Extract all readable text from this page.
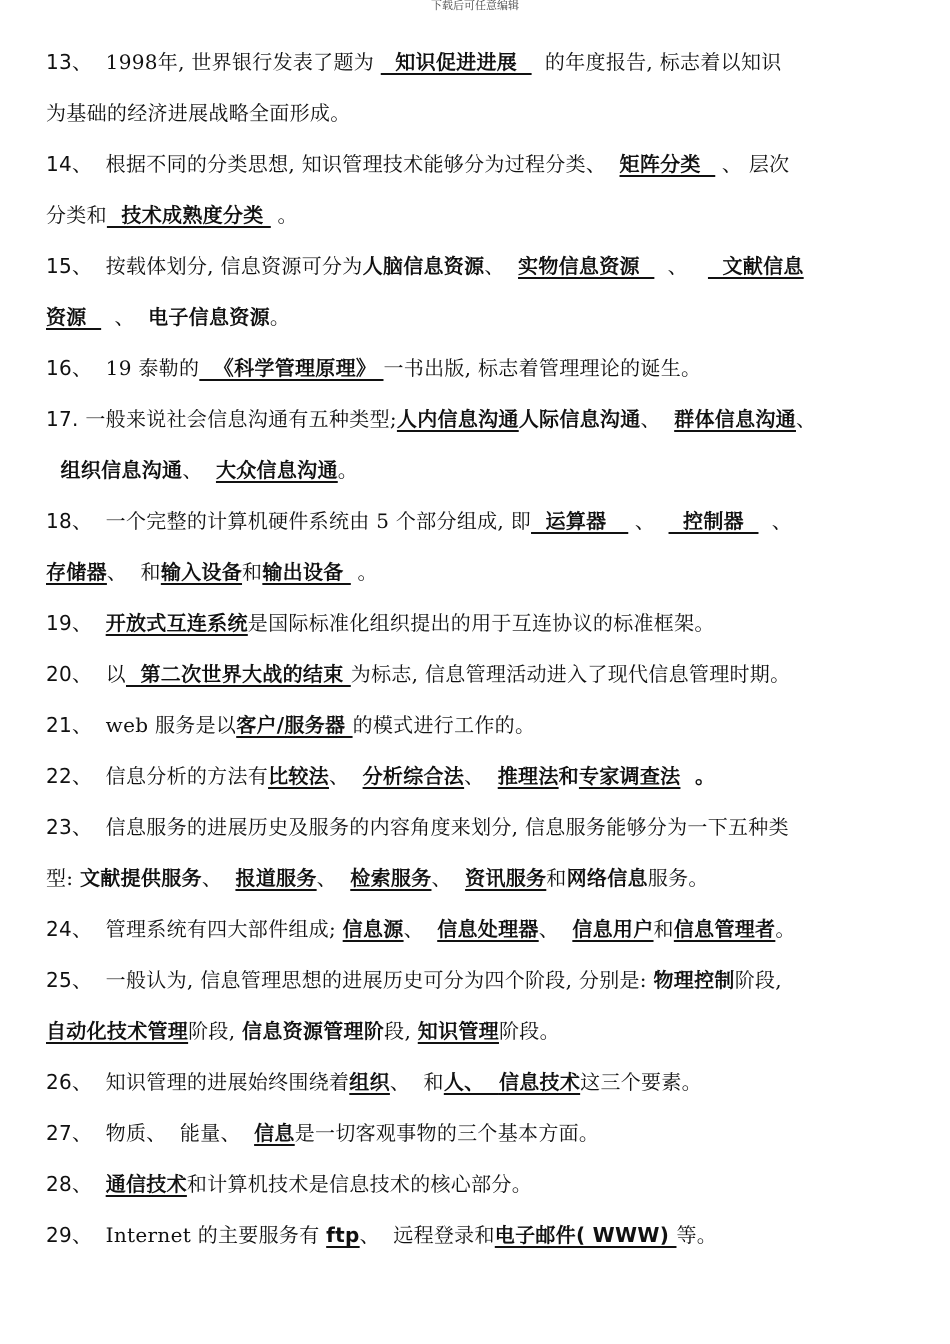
下载后可任意编辑
13、  1998年, 世界银行发表了题为   知识促进进展    的年度报告, 标志着以知识
为基础的经济进展战略全面形成。
14、  根据不同的分类思想, 知识管理技术能够分为过程分类、  矩阵分类   、 层次
分类和  技术成熟度分类  。
15、  按载体划分, 信息资源可分为人脑信息资源、  实物信息资源    、     文献信息
资源    、  电子信息资源。
16、  19 泰勒的  《科学管理原理》 一书出版, 标志着管理理论的诞生。
17. 一般来说社会信息沟通有五种类型;人内信息沟通人际信息沟通、  群体信息沟通、
组织信息沟通、  大众信息沟通。
18、  一个完整的计算机硬件系统由 5 个部分组成, 即  运算器    、    控制器    、
存储器、  和输入设备和输出设备  。
19、 开放式互连系统是国际标准化组织提出的用于互连协议的标准框架。
20、  以  第二次世界大战的结束 为标志, 信息管理活动进入了现代信息管理时期。
21、  web 服务是以客户/服务器 的模式进行工作的。
22、  信息分析的方法有比较法、  分析综合法、  推理法和专家调查法  。
23、  信息服务的进展历史及服务的内容角度来划分, 信息服务能够分为一下五种类
型: 文献提供服务、  报道服务、  检索服务、  资讯服务和网络信息服务。
24、  管理系统有四大部件组成; 信息源、  信息处理器、  信息用户和信息管理者。
25、  一般认为, 信息管理思想的进展历史可分为四个阶段, 分别是: 物理控制阶段,
自动化技术管理阶段, 信息资源管理阶段, 知识管理阶段。
26、  知识管理的进展始终围绕着组织、  和人、  信息技术这三个要素。
27、  物质、  能量、  信息是一切客观事物的三个基本方面。
28、 通信技术和计算机技术是信息技术的核心部分。
29、  Internet 的主要服务有 ftp、  远程登录和电子邮件( WWW) 等。
